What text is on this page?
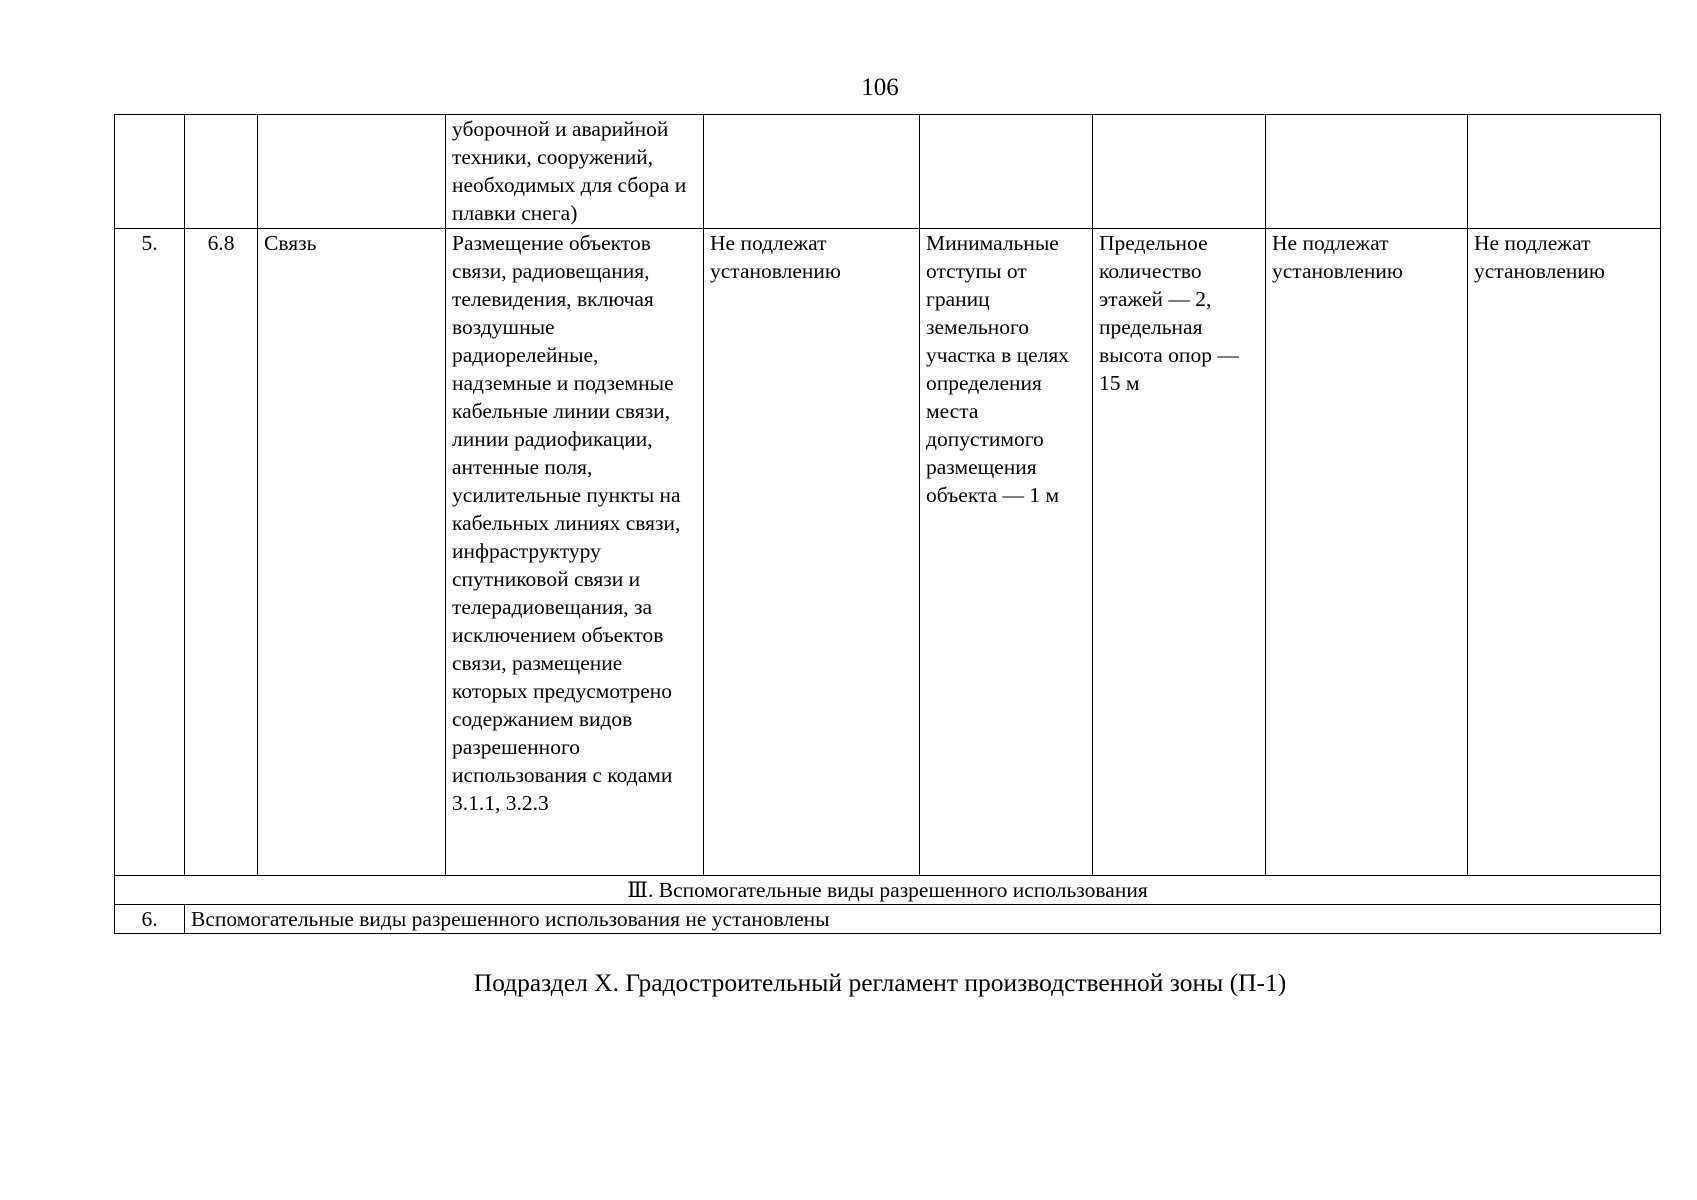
106
			уборочной и аварийной техники, сооружений, необходимых для сбора и плавки снега)					
5.	6.8	Связь	Размещение объектов связи, радиовещания, телевидения, включая воздушные радиорелейные, надземные и подземные кабельные линии связи, линии радиофикации, антенные поля, усилительные пункты на кабельных линиях связи, инфраструктуру спутниковой связи и телерадиовещания, за исключением объектов связи, размещение которых предусмотрено содержанием видов разрешенного использования с кодами 3.1.1, 3.2.3	Не подлежат установлению	Минимальные отступы от границ земельного участка в целях определения места допустимого размещения объекта — 1 м	Предельное количество этажей — 2, предельная высота опор — 15 м	Не подлежат установлению	Не подлежат установлению
Ⅲ. Вспомогательные виды разрешенного использования								
6.	Вспомогательные виды разрешенного использования не установлены							
Подраздел X. Градостроительный регламент производственной зоны (П-1)
